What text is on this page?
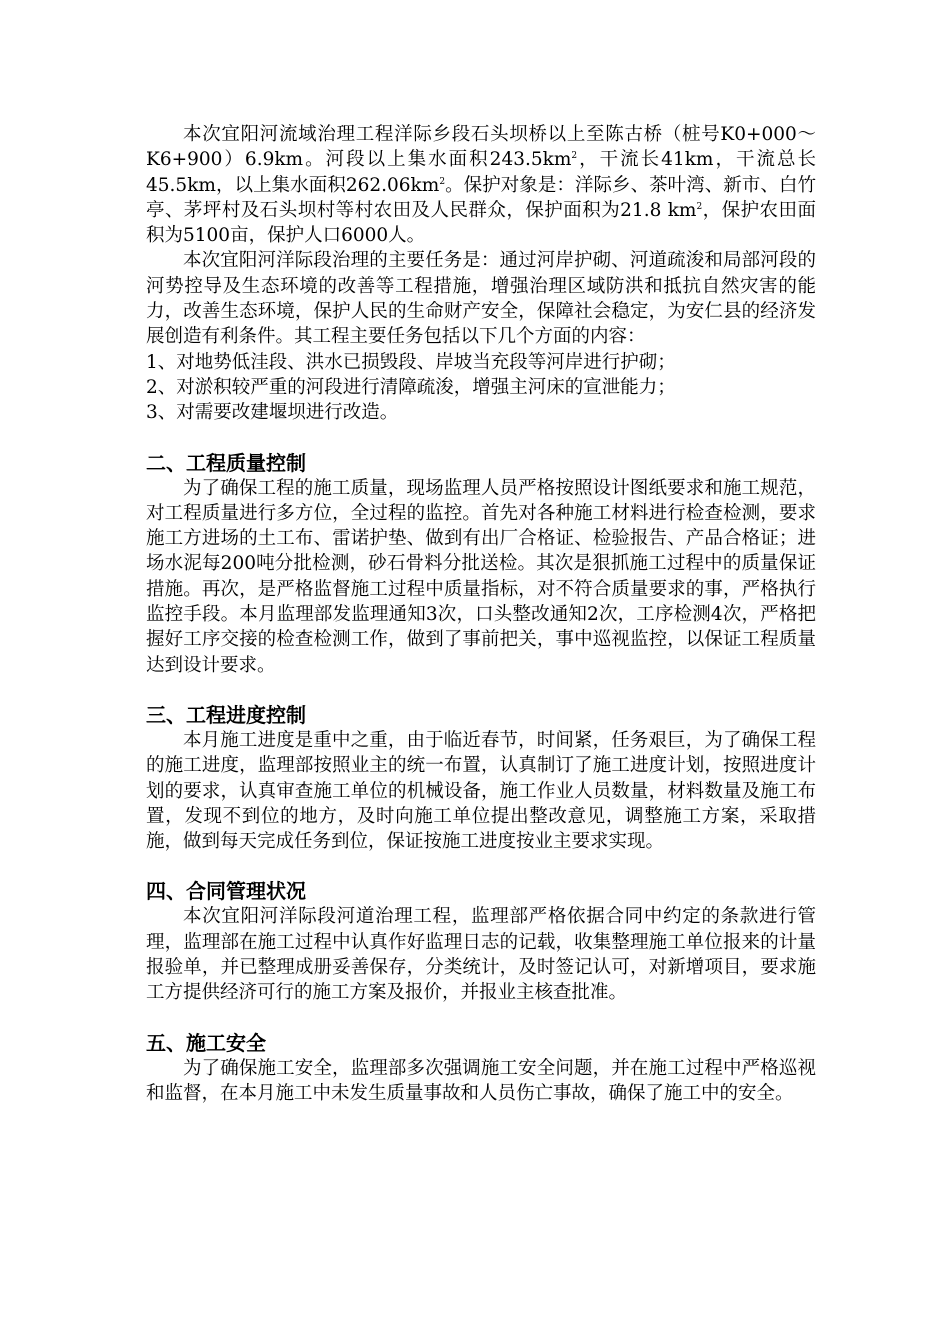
本次宜阳河流域治理工程洋际乡段石头坝桥以上至陈古桥（桩号K0+000～K6+900）6.9km。河段以上集水面积$243.5km^2$，干流长41km，干流总长45.5km，以上集水面积$262.06km^2$。保护对象是：洋际乡、茶叶湾、新市、白竹亭、茅坪村及石头坝村等村农田及人民群众，保护面积为21.8 $km^2$，保护农田面积为5100亩，保护人口6000人。

本次宜阳河洋际段治理的主要任务是：通过河岸护砌、河道疏浚和局部河段的河势控导及生态环境的改善等工程措施，增强治理区域防洪和抵抗自然灾害的能力，改善生态环境，保护人民的生命财产安全，保障社会稳定，为安仁县的经济发展创造有利条件。其工程主要任务包括以下几个方面的内容：

1、对地势低洼段、洪水已损毁段、岸坡当充段等河岸进行护砌；

2、对淤积较严重的河段进行清障疏浚，增强主河床的宣泄能力；

3、对需要改建堰坝进行改造。

二、工程质量控制

为了确保工程的施工质量，现场监理人员严格按照设计图纸要求和施工规范，对工程质量进行多方位，全过程的监控。首先对各种施工材料进行检查检测，要求施工方进场的土工布、雷诺护垫、做到有出厂合格证、检验报告、产品合格证；进场水泥每200吨分批检测，砂石骨料分批送检。其次是狠抓施工过程中的质量保证措施。再次，是严格监督施工过程中质量指标，对不符合质量要求的事，严格执行监控手段。本月监理部发监理通知3次，口头整改通知2次，工序检测4次，严格把握好工序交接的检查检测工作，做到了事前把关，事中巡视监控，以保证工程质量达到设计要求。

三、工程进度控制

本月施工进度是重中之重，由于临近春节，时间紧，任务艰巨，为了确保工程的施工进度，监理部按照业主的统一布置，认真制订了施工进度计划，按照进度计划的要求，认真审查施工单位的机械设备，施工作业人员数量，材料数量及施工布置，发现不到位的地方，及时向施工单位提出整改意见，调整施工方案，采取措施，做到每天完成任务到位，保证按施工进度按业主要求实现。

四、合同管理状况

本次宜阳河洋际段河道治理工程，监理部严格依据合同中约定的条款进行管理，监理部在施工过程中认真作好监理日志的记载，收集整理施工单位报来的计量报验单，并已整理成册妥善保存，分类统计，及时签记认可，对新增项目，要求施工方提供经济可行的施工方案及报价，并报业主核查批准。

五、施工安全

为了确保施工安全，监理部多次强调施工安全问题，并在施工过程中严格巡视和监督，在本月施工中未发生质量事故和人员伤亡事故，确保了施工中的安全。
